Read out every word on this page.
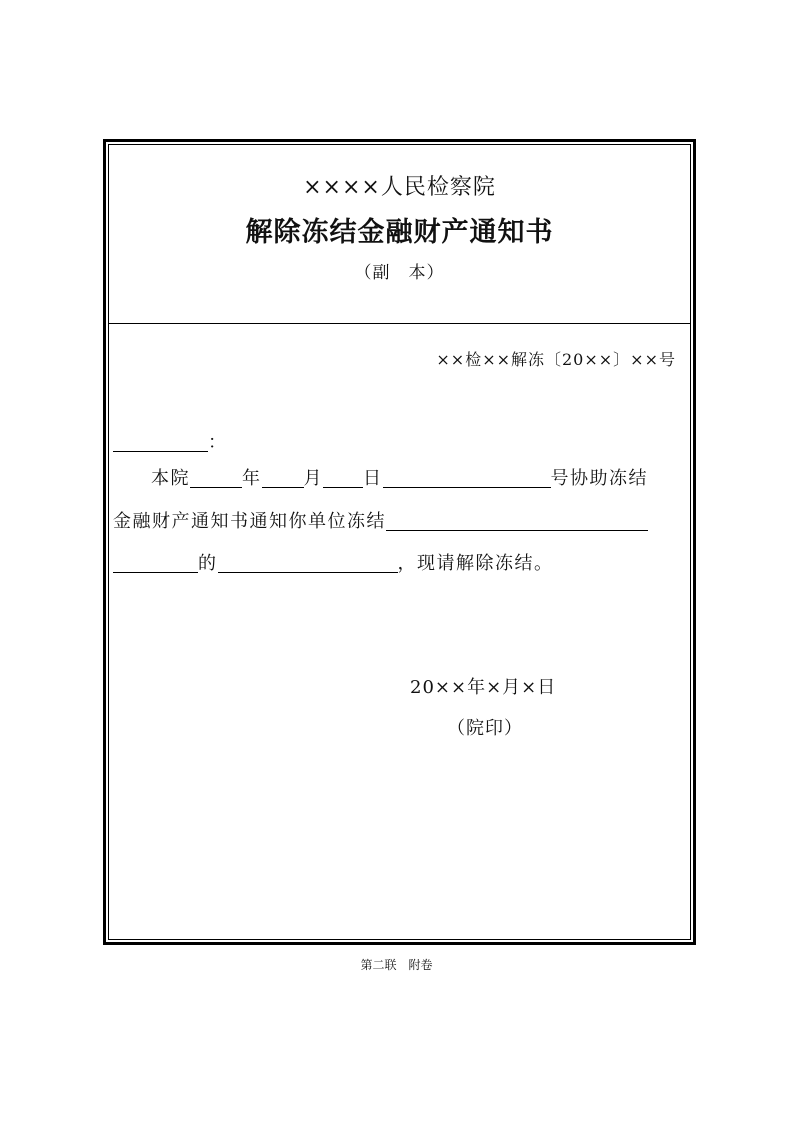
××××人民检察院
解除冻结金融财产通知书
（副　本）
××检××解冻〔20××〕××号
：
本院	年 月 日	号协助冻结
金融财产通知书通知你单位冻结
的	，现请解除冻结。
20××年×月×日
（院印）
第二联　附卷
